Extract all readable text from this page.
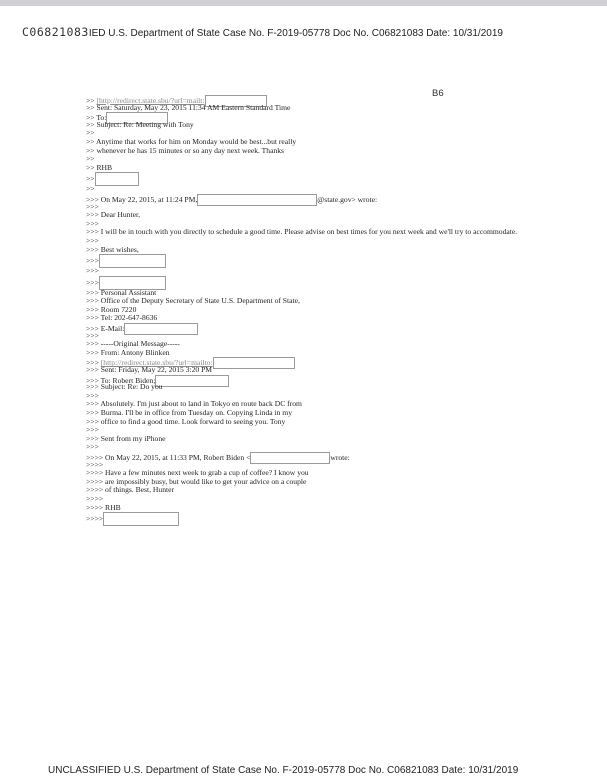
C06821083IED U.S. Department of State Case No. F-2019-05778 Doc No. C06821083 Date: 10/31/2019
B6
>> [http://redirect.state.sbu/?url=mailt:
>> Sent: Saturday, May 23, 2015 11:34 AM Eastern Standard Time
>> To:
>> Subject: Re: Meeting with Tony
>>
>> Anytime that works for him on Monday would be best...but really
>> whenever he has 15 minutes or so any day next week. Thanks
>>
>> RHB
>>
>>
>>> On May 22, 2015, at 11:24 PM,	@state.gov> wrote:
>>>
>>> Dear Hunter,
>>>
>>> I will be in touch with you directly to schedule a good time. Please advise on best times for you next week and we'll try to accommodate.
>>>
>>> Best wishes,
>>>
>>>
>>>
>>> Personal Assistant
>>> Office of the Deputy Secretary of State U.S. Department of State,
>>> Room 7220
>>> Tel: 202-647-8636
>>> E-Mail:
>>>
>>> -----Original Message-----
>>> From: Antony Blinken
>>> [http://redirect.state.sbu/?url=mailto:
>>> Sent: Friday, May 22, 2015 3:20 PM
>>> To: Robert Biden;
>>> Subject: Re: Do you
>>>
>>> Absolutely. I'm just about to land in Tokyo en route back DC from
>>> Burma. I'll be in office from Tuesday on. Copying Linda in my
>>> office to find a good time. Look forward to seeing you. Tony
>>>
>>> Sent from my iPhone
>>>
>>>> On May 22, 2015, at 11:33 PM, Robert Biden <	wrote:
>>>>
>>>> Have a few minutes next week to grab a cup of coffee? I know you
>>>> are impossibly busy, but would like to get your advice on a couple
>>>> of things. Best, Hunter
>>>>
>>>> RHB
>>>>
UNCLASSIFIED U.S. Department of State Case No. F-2019-05778 Doc No. C06821083 Date: 10/31/2019
